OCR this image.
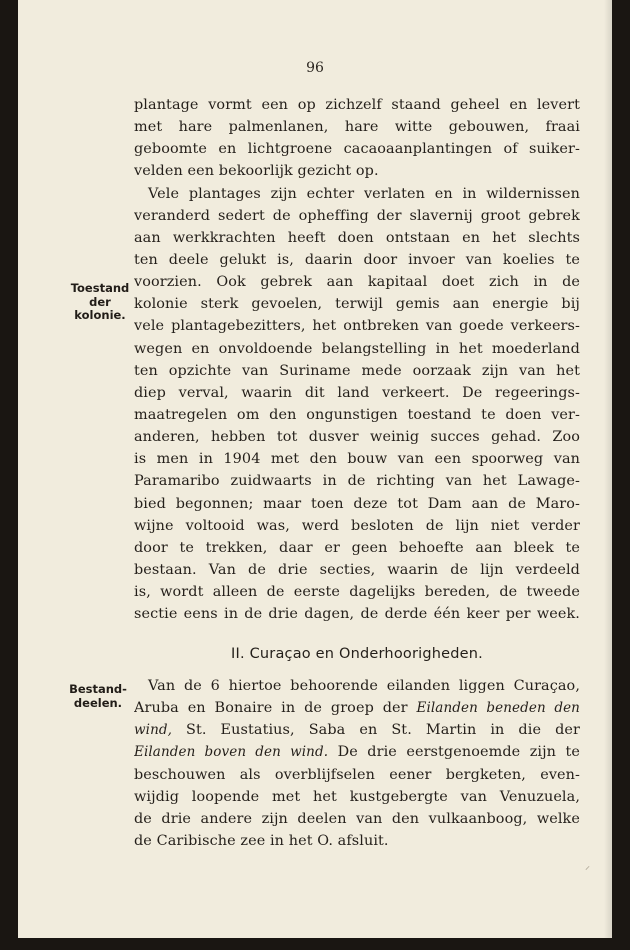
96
Toestand
der
kolonie.
Bestand-
deelen.
plantage vormt een op zichzelf staand geheel en levert
met hare palmenlanen, hare witte gebouwen, fraai
geboomte en lichtgroene cacaoaanplantingen of suiker-
velden een bekoorlijk gezicht op.
Vele plantages zijn echter verlaten en in wildernissen
veranderd sedert de opheffing der slavernij groot gebrek
aan werkkrachten heeft doen ontstaan en het slechts
ten deele gelukt is, daarin door invoer van koelies te
voorzien. Ook gebrek aan kapitaal doet zich in de
kolonie sterk gevoelen, terwijl gemis aan energie bij
vele plantagebezitters, het ontbreken van goede verkeers-
wegen en onvoldoende belangstelling in het moederland
ten opzichte van Suriname mede oorzaak zijn van het
diep verval, waarin dit land verkeert. De regeerings-
maatregelen om den ongunstigen toestand te doen ver-
anderen, hebben tot dusver weinig succes gehad. Zoo
is men in 1904 met den bouw van een spoorweg van
Paramaribo zuidwaarts in de richting van het Lawage-
bied begonnen; maar toen deze tot Dam aan de Maro-
wijne voltooid was, werd besloten de lijn niet verder
door te trekken, daar er geen behoefte aan bleek te
bestaan. Van de drie secties, waarin de lijn verdeeld
is, wordt alleen de eerste dagelijks bereden, de tweede
sectie eens in de drie dagen, de derde één keer per week.
II. Curaçao en Onderhoorigheden.
Van de 6 hiertoe behoorende eilanden liggen Curaçao,
Aruba en Bonaire in de groep der Eilanden beneden den
wind, St. Eustatius, Saba en St. Martin in die der
Eilanden boven den wind. De drie eerstgenoemde zijn te
beschouwen als overblijfselen eener bergketen, even-
wijdig loopende met het kustgebergte van Venuzuela,
de drie andere zijn deelen van den vulkaanboog, welke
de Caribische zee in het O. afsluit.
⸝
